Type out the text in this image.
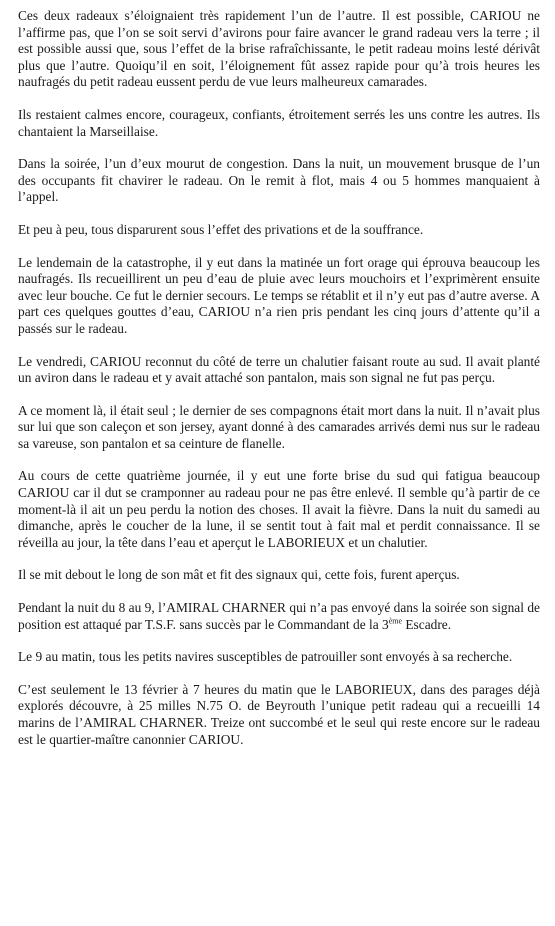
Ces deux radeaux s’éloignaient très rapidement l’un de l’autre. Il est possible, CARIOU ne l’affirme pas, que l’on se soit servi d’avirons pour faire avancer le grand radeau vers la terre ; il est possible aussi que, sous l’effet de la brise rafraîchissante, le petit radeau moins lesté dérivât plus que l’autre. Quoiqu’il en soit, l’éloignement fût assez rapide pour qu’à trois heures les naufragés du petit radeau eussent perdu de vue leurs malheureux camarades.

Ils restaient calmes encore, courageux, confiants, étroitement serrés les uns contre les autres. Ils chantaient la Marseillaise.

Dans la soirée, l’un d’eux mourut de congestion. Dans la nuit, un mouvement brusque de l’un des occupants fit chavirer le radeau. On le remit à flot, mais 4 ou 5 hommes manquaient à l’appel.

Et peu à peu, tous disparurent sous l’effet des privations et de la souffrance.

Le lendemain de la catastrophe, il y eut dans la matinée un fort orage qui éprouva beaucoup les naufragés. Ils recueillirent un peu d’eau de pluie avec leurs mouchoirs et l’exprimèrent ensuite avec leur bouche. Ce fut le dernier secours. Le temps se rétablit et il n’y eut pas d’autre averse. A part ces quelques gouttes d’eau, CARIOU n’a rien pris pendant les cinq jours d’attente qu’il a passés sur le radeau.

Le vendredi, CARIOU reconnut du côté de terre un chalutier faisant route au sud. Il avait planté un aviron dans le radeau et y avait attaché son pantalon, mais son signal ne fut pas perçu.

A ce moment là, il était seul ; le dernier de ses compagnons était mort dans la nuit. Il n’avait plus sur lui que son caleçon et son jersey, ayant donné à des camarades arrivés demi nus sur le radeau sa vareuse, son pantalon et sa ceinture de flanelle.

Au cours de cette quatrième journée, il y eut une forte brise du sud qui fatigua beaucoup CARIOU car il dut se cramponner au radeau pour ne pas être enlevé. Il semble qu’à partir de ce moment-là il ait un peu perdu la notion des choses. Il avait la fièvre. Dans la nuit du samedi au dimanche, après le coucher de la lune, il se sentit tout à fait mal et perdit connaissance. Il se réveilla au jour, la tête dans l’eau et aperçut le LABORIEUX et un chalutier.

Il se mit debout le long de son mât et fit des signaux qui, cette fois, furent aperçus.

Pendant la nuit du 8 au 9, l’AMIRAL CHARNER qui n’a pas envoyé dans la soirée son signal de position est attaqué par T.S.F. sans succès par le Commandant de la 3ème Escadre.

Le 9 au matin, tous les petits navires susceptibles de patrouiller sont envoyés à sa recherche.

C’est seulement le 13 février à 7 heures du matin que le LABORIEUX, dans des parages déjà explorés découvre, à 25 milles N.75 O. de Beyrouth l’unique petit radeau qui a recueilli 14 marins de l’AMIRAL CHARNER. Treize ont succombé et le seul qui reste encore sur le radeau est le quartier-maître canonnier CARIOU.
